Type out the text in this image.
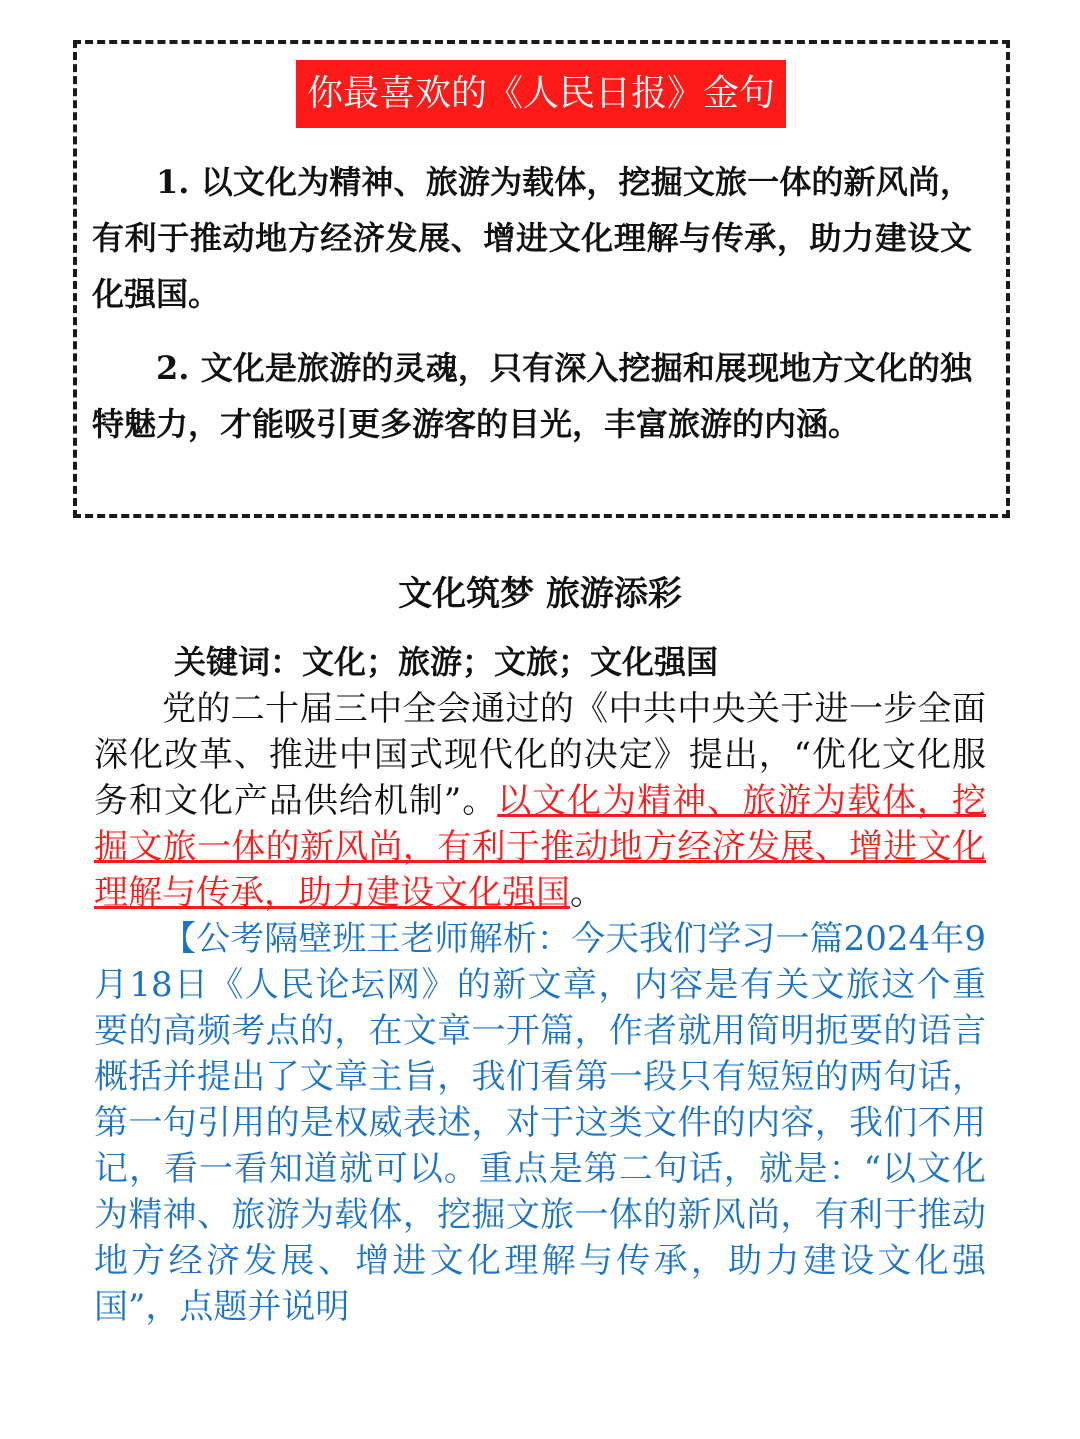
你最喜欢的《人民日报》金句

1. 以文化为精神、旅游为载体，挖掘文旅一体的新风尚，有利于推动地方经济发展、增进文化理解与传承，助力建设文化强国。

2. 文化是旅游的灵魂，只有深入挖掘和展现地方文化的独特魅力，才能吸引更多游客的目光，丰富旅游的内涵。

文化筑梦 旅游添彩
关键词：文化；旅游；文旅；文化强国

党的二十届三中全会通过的《中共中央关于进一步全面深化改革、推进中国式现代化的决定》提出，“优化文化服务和文化产品供给机制”。以文化为精神、旅游为载体，挖掘文旅一体的新风尚，有利于推动地方经济发展、增进文化理解与传承，助力建设文化强国。

【公考隔壁班王老师解析：今天我们学习一篇2024年9月18日《人民论坛网》的新文章，内容是有关文旅这个重要的高频考点的，在文章一开篇，作者就用简明扼要的语言概括并提出了文章主旨，我们看第一段只有短短的两句话，第一句引用的是权威表述，对于这类文件的内容，我们不用记，看一看知道就可以。重点是第二句话，就是：“以文化为精神、旅游为载体，挖掘文旅一体的新风尚，有利于推动地方经济发展、增进文化理解与传承，助力建设文化强国”，点题并说明
